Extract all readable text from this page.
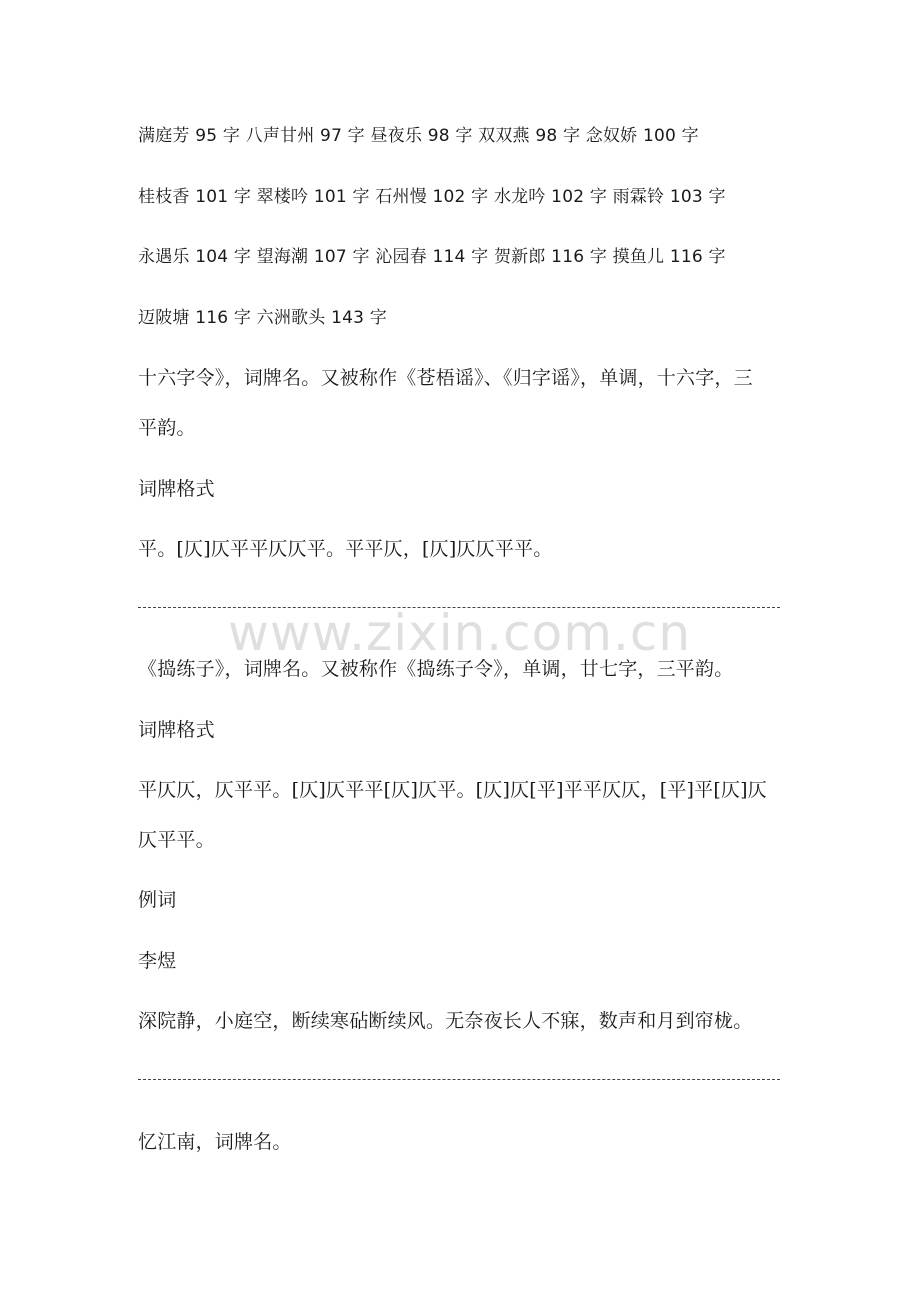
满庭芳 95 字 八声甘州 97 字 昼夜乐 98 字 双双燕 98 字 念奴娇 100 字
桂枝香 101 字 翠楼吟 101 字 石州慢 102 字 水龙吟 102 字 雨霖铃 103 字
永遇乐 104 字 望海潮 107 字 沁园春 114 字 贺新郎 116 字 摸鱼儿 116 字
迈陂塘 116 字 六洲歌头 143 字
十六字令》，词牌名。又被称作《苍梧谣》、《归字谣》，单调，十六字，三
平韵。
词牌格式
平。[仄]仄平平仄仄平。平平仄，[仄]仄仄平平。
www.zixin.com.cn
《捣练子》，词牌名。又被称作《捣练子令》，单调，廿七字，三平韵。
词牌格式
平仄仄，仄平平。[仄]仄平平[仄]仄平。[仄]仄[平]平平仄仄，[平]平[仄]仄
仄平平。
例词
李煜
深院静，小庭空，断续寒砧断续风。无奈夜长人不寐，数声和月到帘栊。
忆江南，词牌名。
